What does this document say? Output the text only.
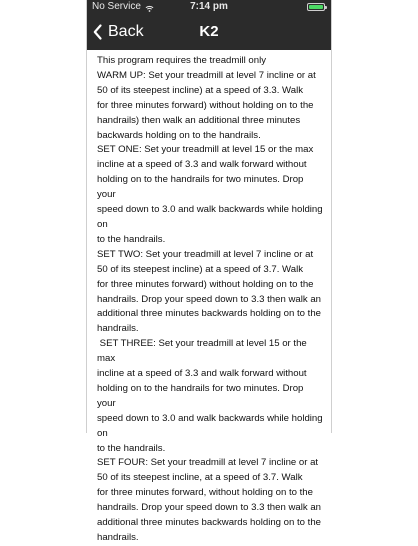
No Service	7:14 pm
Back	K2

This program requires the treadmill only

WARM UP: Set your treadmill at level 7 incline or at

50 of its steepest incline) at a speed of 3.3. Walk

for three minutes forward) without holding on to the

handrails) then walk an additional three minutes

backwards holding on to the handrails.

SET ONE: Set your treadmill at level 15 or the max

incline at a speed of 3.3 and walk forward without

holding on to the handrails for two minutes. Drop your

speed down to 3.0 and walk backwards while holding on

to the handrails.

SET TWO: Set your treadmill at level 7 incline or at

50 of its steepest incline) at a speed of 3.7. Walk

for three minutes forward) without holding on to the

handrails. Drop your speed down to 3.3 then walk an

additional three minutes backwards holding on to the

handrails.

SET THREE: Set your treadmill at level 15 or the max

incline at a speed of 3.3 and walk forward without

holding on to the handrails for two minutes. Drop your

speed down to 3.0 and walk backwards while holding on

to the handrails.

SET FOUR: Set your treadmill at level 7 incline or at

50 of its steepest incline, at a speed of 3.7. Walk

for three minutes forward, without holding on to the

handrails. Drop your speed down to 3.3 then walk an

additional three minutes backwards holding on to the

handrails.
